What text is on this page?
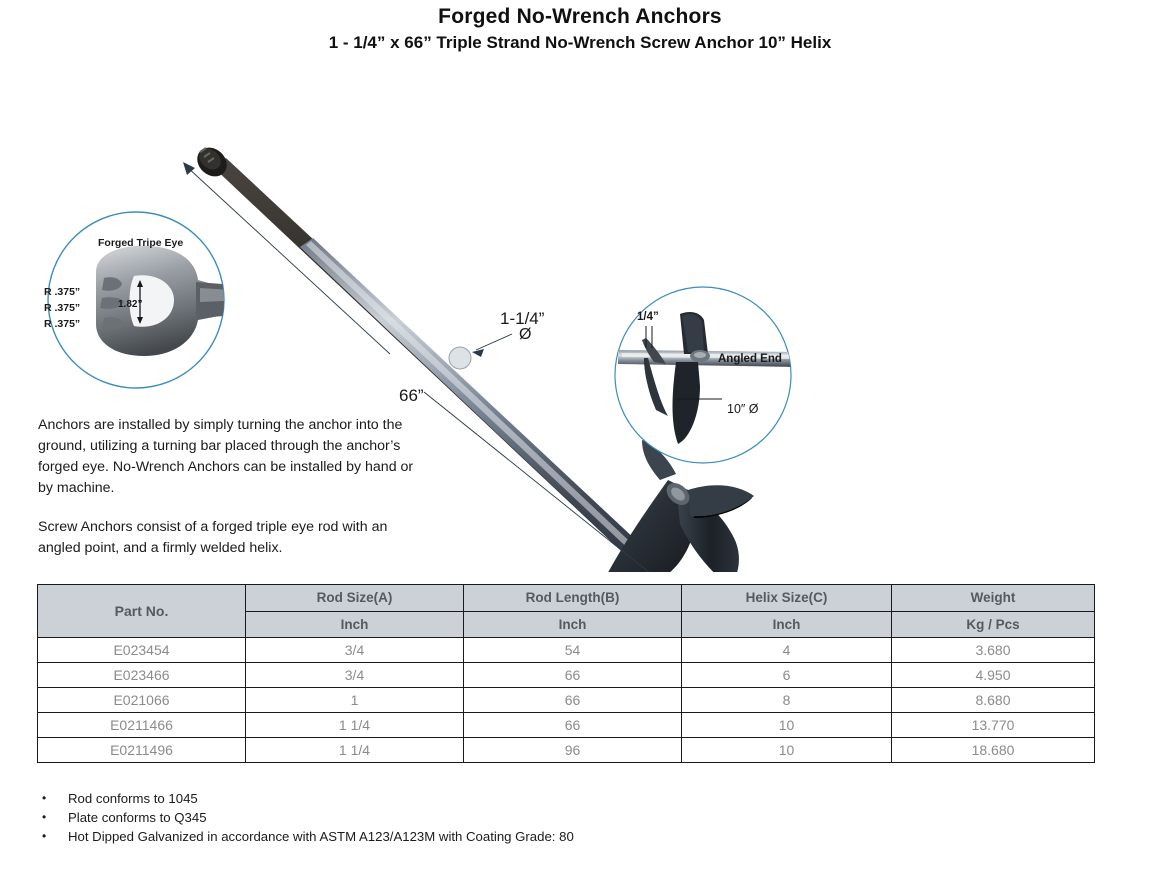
Forged No-Wrench Anchors
1 - 1/4” x 66” Triple Strand No-Wrench Screw Anchor 10” Helix
Forged Tripe Eye
R .375”
R .375”
R .375”
1.82”
1-1/4”
Ø
66”
1/4”
Angled End
10″ Ø
Anchors are installed by simply turning the anchor into the ground, utilizing a turning bar placed through the anchor’s forged eye. No-Wrench Anchors can be installed by hand or by machine.
Screw Anchors consist of a forged triple eye rod with an angled point, and a firmly welded helix.
Part No.	Rod Size(A)	Rod Length(B)	Helix Size(C)	Weight
	Inch	Inch	Inch	Kg / Pcs
E023454	3/4	54	4	3.680
E023466	3/4	66	6	4.950
E021066	1	66	8	8.680
E0211466	1 1/4	66	10	13.770
E0211496	1 1/4	96	10	18.680
•	Rod conforms to 1045
•	Plate conforms to Q345
•	Hot Dipped Galvanized in accordance with ASTM A123/A123M with Coating Grade: 80
